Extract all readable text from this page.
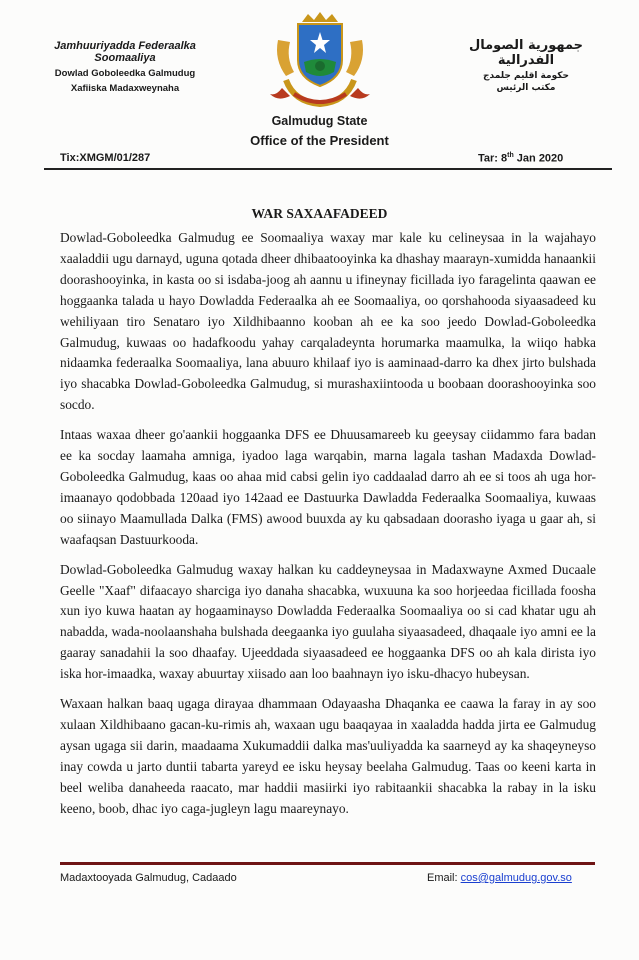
Jamhuuriyadda Federaalka Soomaaliya
Dowlad Goboleedka Galmudug
Xafiiska Madaxweynaha
جمهورية الصومال الفدرالية
حكومة اقليم جلمدج
مكتب الرئيس
Galmudug State
Office of the President
Tix:XMGM/01/287	Tar: 8th Jan 2020
WAR SAXAAFADEED

Dowlad-Goboleedka Galmudug ee Soomaaliya waxay mar kale ku celineysaa in la wajahayo xaaladdii ugu darnayd, uguna qotada dheer dhibaatooyinka ka dhashay maarayn-xumidda hanaankii doorashooyinka, in kasta oo si isdaba-joog ah aannu u ifineynay ficillada iyo faragelinta qaawan ee hoggaanka talada u hayo Dowladda Federaalka ah ee Soomaaliya, oo qorshahooda siyaasadeed ku wehiliyaan tiro Senataro iyo Xildhibaanno kooban ah ee ka soo jeedo Dowlad-Goboleedka Galmudug, kuwaas oo hadafkoodu yahay carqaladeynta horumarka maamulka, la wiiqo habka nidaamka federaalka Soomaaliya, lana abuuro khilaaf iyo is aaminaad-darro ka dhex jirto bulshada iyo shacabka Dowlad-Goboleedka Galmudug, si murashaxiintooda u boobaan doorashooyinka soo socdo.

Intaas waxaa dheer go'aankii hoggaanka DFS ee Dhuusamareeb ku geeysay ciidammo fara badan ee ka socday laamaha amniga, iyadoo laga warqabin, marna lagala tashan Madaxda Dowlad-Goboleedka Galmudug, kaas oo ahaa mid cabsi gelin iyo caddaalad darro ah ee si toos ah uga hor-imaanayo qodobbada 120aad iyo 142aad ee Dastuurka Dawladda Federaalka Soomaaliya, kuwaas oo siinayo Maamullada Dalka (FMS) awood buuxda ay ku qabsadaan doorasho iyaga u gaar ah, si waafaqsan Dastuurkooda.

Dowlad-Goboleedka Galmudug waxay halkan ku caddeyneysaa in Madaxwayne Axmed Ducaale Geelle "Xaaf" difaacayo sharciga iyo danaha shacabka, wuxuuna ka soo horjeedaa ficillada foosha xun iyo kuwa haatan ay hogaaminayso Dowladda Federaalka Soomaaliya oo si cad khatar ugu ah nabadda, wada-noolaanshaha bulshada deegaanka iyo guulaha siyaasadeed, dhaqaale iyo amni ee la gaaray sanadahii la soo dhaafay. Ujeeddada siyaasadeed ee hoggaanka DFS oo ah kala dirista iyo iska hor-imaadka, waxay abuurtay xiisado aan loo baahnayn iyo isku-dhacyo hubeysan.

Waxaan halkan baaq ugaga dirayaa dhammaan Odayaasha Dhaqanka ee caawa la faray in ay soo xulaan Xildhibaano gacan-ku-rimis ah, waxaan ugu baaqayaa in xaaladda hadda jirta ee Galmudug aysan ugaga sii darin, maadaama Xukumaddii dalka mas'uuliyadda ka saarneyd ay ka shaqeyneyso inay cowda u jarto duntii tabarta yareyd ee isku heysay beelaha Galmudug. Taas oo keeni karta in beel weliba danaheeda raacato, mar haddii masiirki iyo rabitaankii shacabka la rabay in la isku keeno, boob, dhac iyo caga-jugleyn lagu maareynayo.

Madaxtooyada Galmudug, Cadaado	Email: cos@galmudug.gov.so
